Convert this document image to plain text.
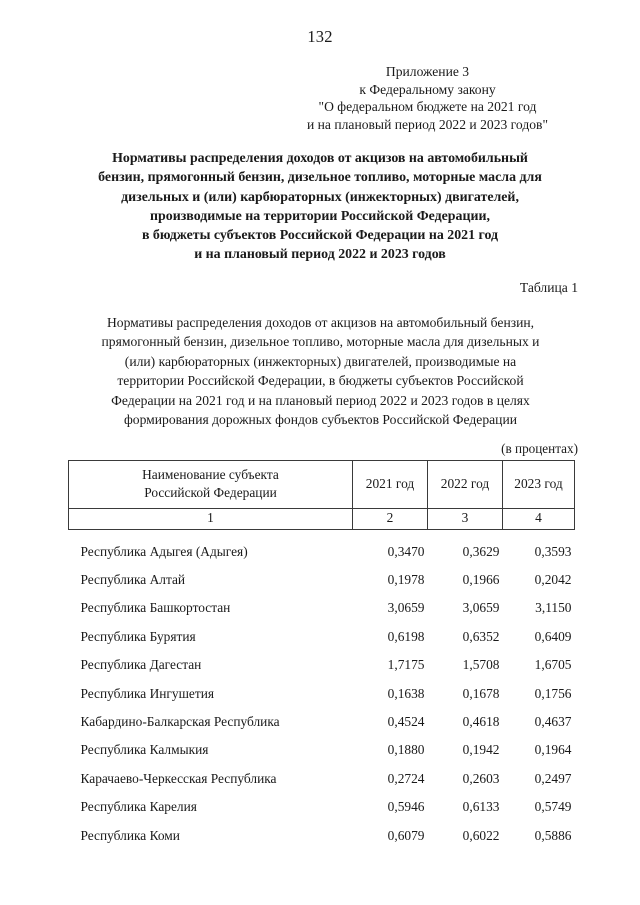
132
Приложение 3
к Федеральному закону
"О федеральном бюджете на 2021 год
и на плановый период 2022 и 2023 годов"
Нормативы распределения доходов от акцизов на автомобильный
бензин, прямогонный бензин, дизельное топливо, моторные масла для
дизельных и (или) карбюраторных (инжекторных) двигателей,
производимые на территории Российской Федерации,
в бюджеты субъектов Российской Федерации на 2021 год
и на плановый период 2022 и 2023 годов
Таблица 1
Нормативы распределения доходов от акцизов на автомобильный бензин,
прямогонный бензин, дизельное топливо, моторные масла для дизельных и
(или) карбюраторных (инжекторных) двигателей, производимые на
территории Российской Федерации, в бюджеты субъектов Российской
Федерации на 2021 год и на плановый период 2022 и 2023 годов в целях
формирования дорожных фондов субъектов Российской Федерации
(в процентах)
Наименование субъекта
Российской Федерации	2021 год	2022 год	2023 год
1	2	3	4
Республика Адыгея (Адыгея)	0,3470	0,3629	0,3593
Республика Алтай	0,1978	0,1966	0,2042
Республика Башкортостан	3,0659	3,0659	3,1150
Республика Бурятия	0,6198	0,6352	0,6409
Республика Дагестан	1,7175	1,5708	1,6705
Республика Ингушетия	0,1638	0,1678	0,1756
Кабардино-Балкарская Республика	0,4524	0,4618	0,4637
Республика Калмыкия	0,1880	0,1942	0,1964
Карачаево-Черкесская Республика	0,2724	0,2603	0,2497
Республика Карелия	0,5946	0,6133	0,5749
Республика Коми	0,6079	0,6022	0,5886
